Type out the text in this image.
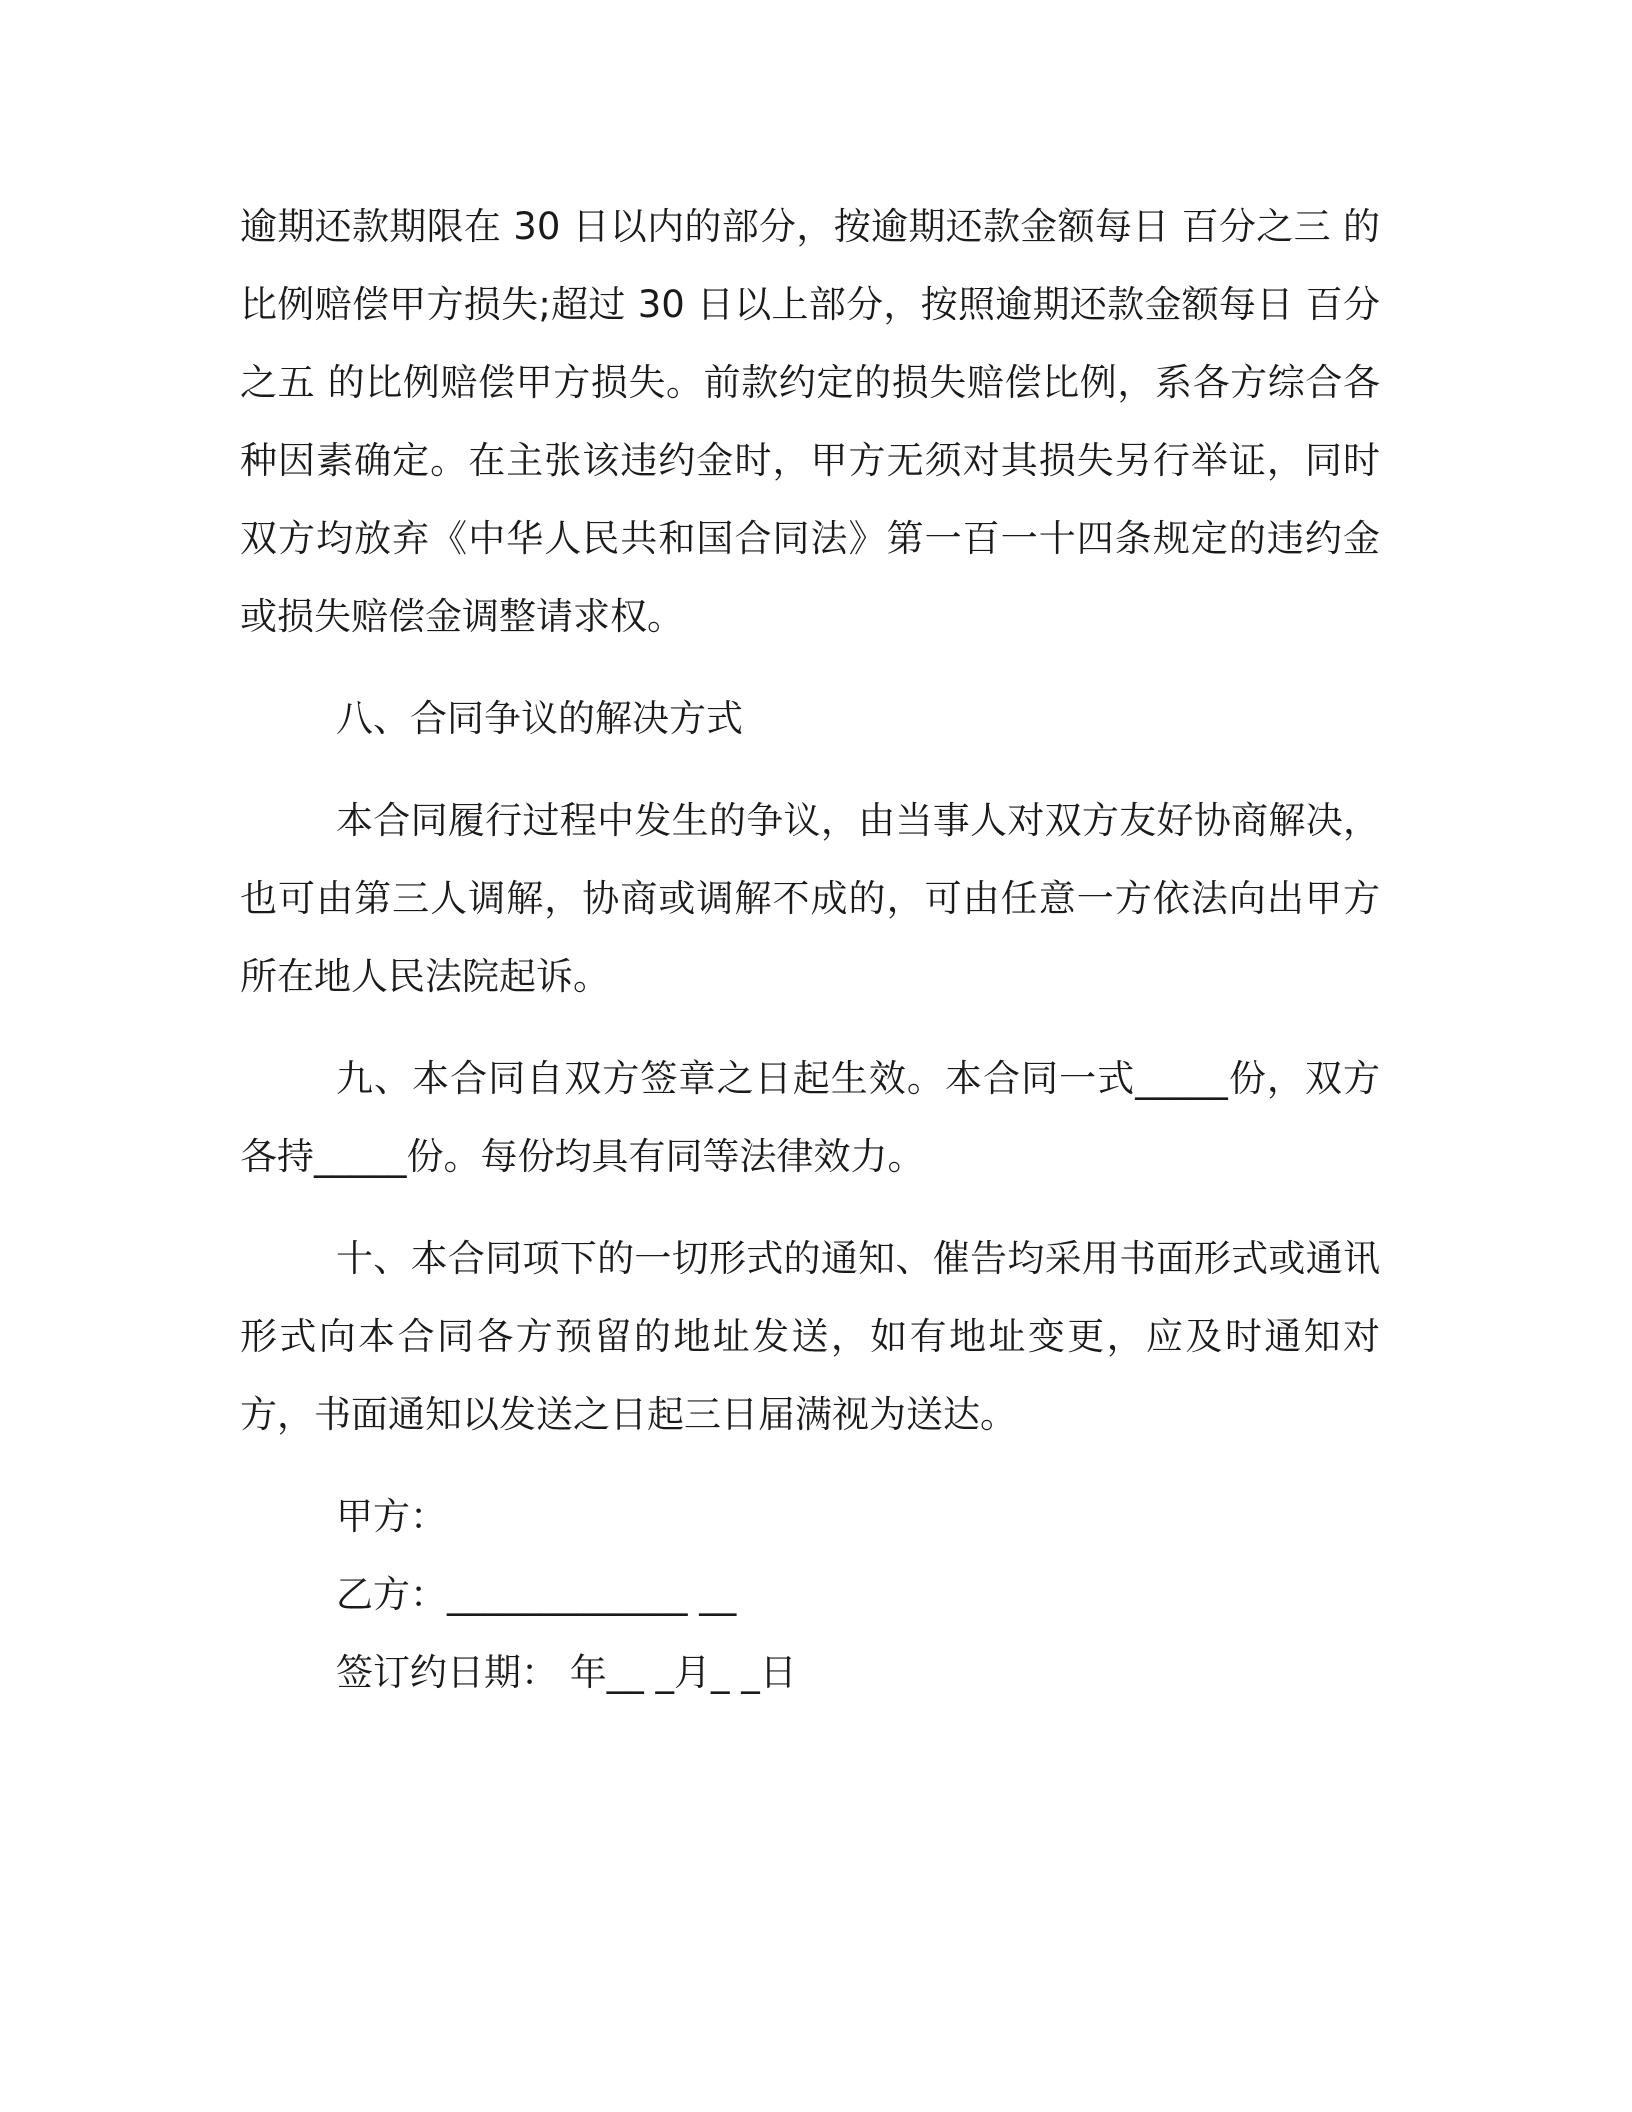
逾期还款期限在 30 日以内的部分，按逾期还款金额每日 百分之三 的比例赔偿甲方损失;超过 30 日以上部分，按照逾期还款金额每日 百分之五 的比例赔偿甲方损失。前款约定的损失赔偿比例，系各方综合各种因素确定。在主张该违约金时，甲方无须对其损失另行举证，同时双方均放弃《中华人民共和国合同法》第一百一十四条规定的违约金或损失赔偿金调整请求权。

八、合同争议的解决方式

本合同履行过程中发生的争议，由当事人对双方友好协商解决，也可由第三人调解，协商或调解不成的，可由任意一方依法向出甲方所在地人民法院起诉。

九、本合同自双方签章之日起生效。本合同一式_____份，双方各持_____份。每份均具有同等法律效力。

十、本合同项下的一切形式的通知、催告均采用书面形式或通讯形式向本合同各方预留的地址发送，如有地址变更，应及时通知对方，书面通知以发送之日起三日届满视为送达。

甲方：

乙方：_____________ __

签订约日期： 年__ _月_ _日
